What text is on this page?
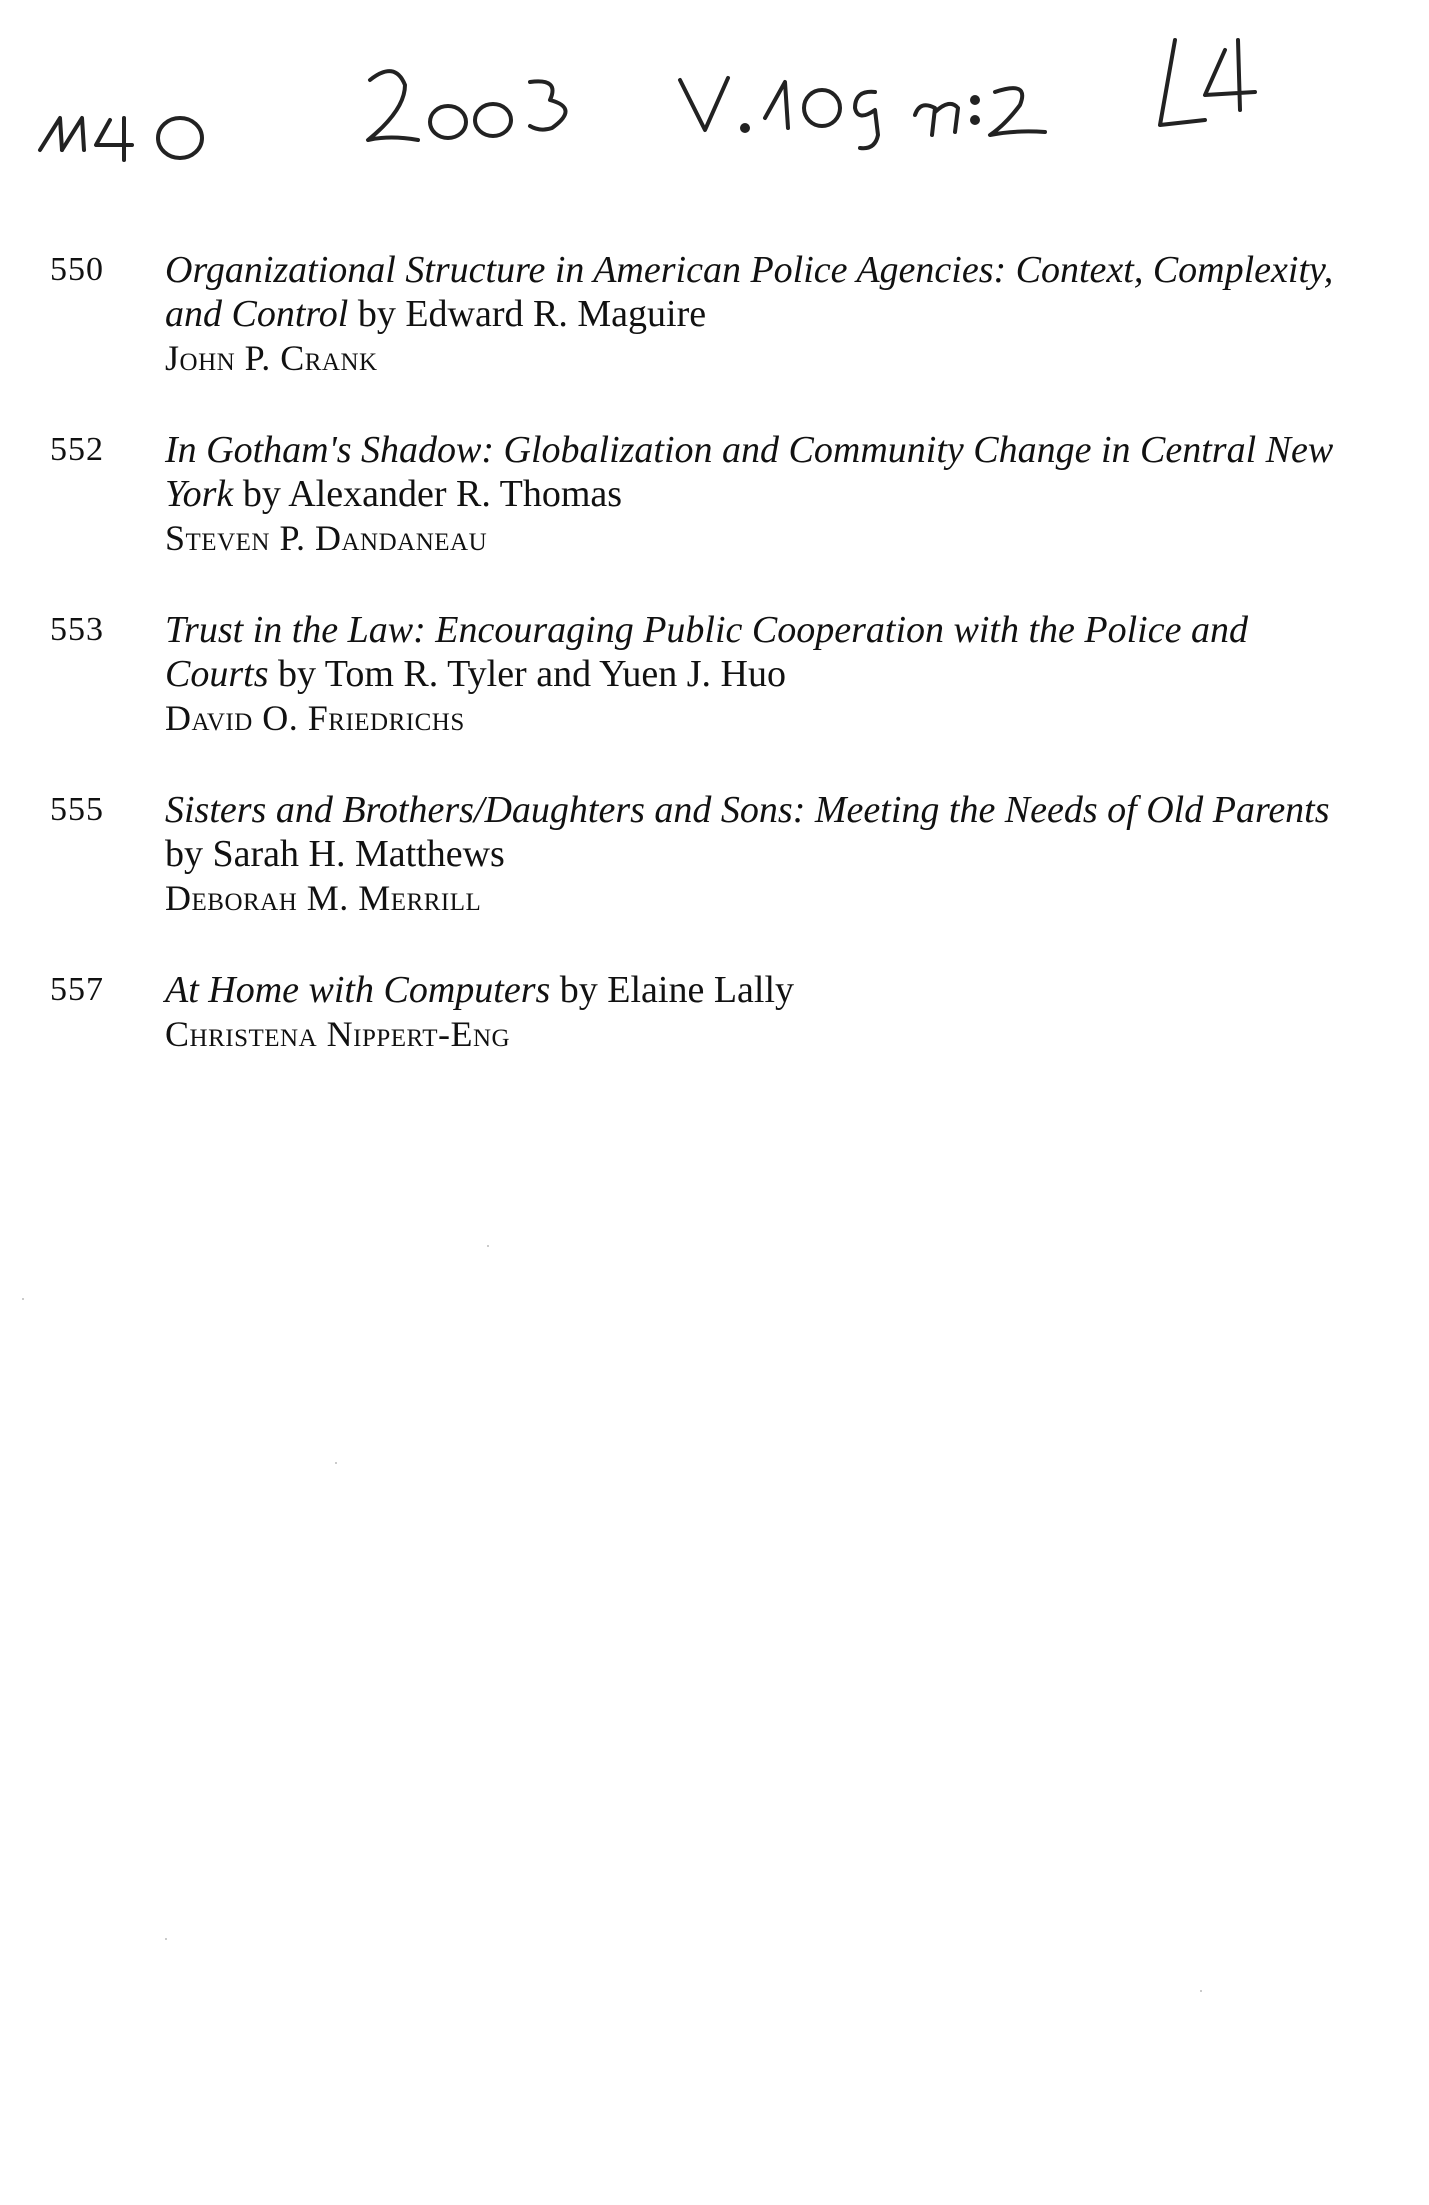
550	Organizational Structure in American Police Agencies: Context, Complexity, and Control by Edward R. Maguire
John P. Crank
552	In Gotham's Shadow: Globalization and Community Change in Central New York by Alexander R. Thomas
Steven P. Dandaneau
553	Trust in the Law: Encouraging Public Cooperation with the Police and Courts by Tom R. Tyler and Yuen J. Huo
David O. Friedrichs
555	Sisters and Brothers/Daughters and Sons: Meeting the Needs of Old Parents by Sarah H. Matthews
Deborah M. Merrill
557	At Home with Computers by Elaine Lally
Christena Nippert-Eng
